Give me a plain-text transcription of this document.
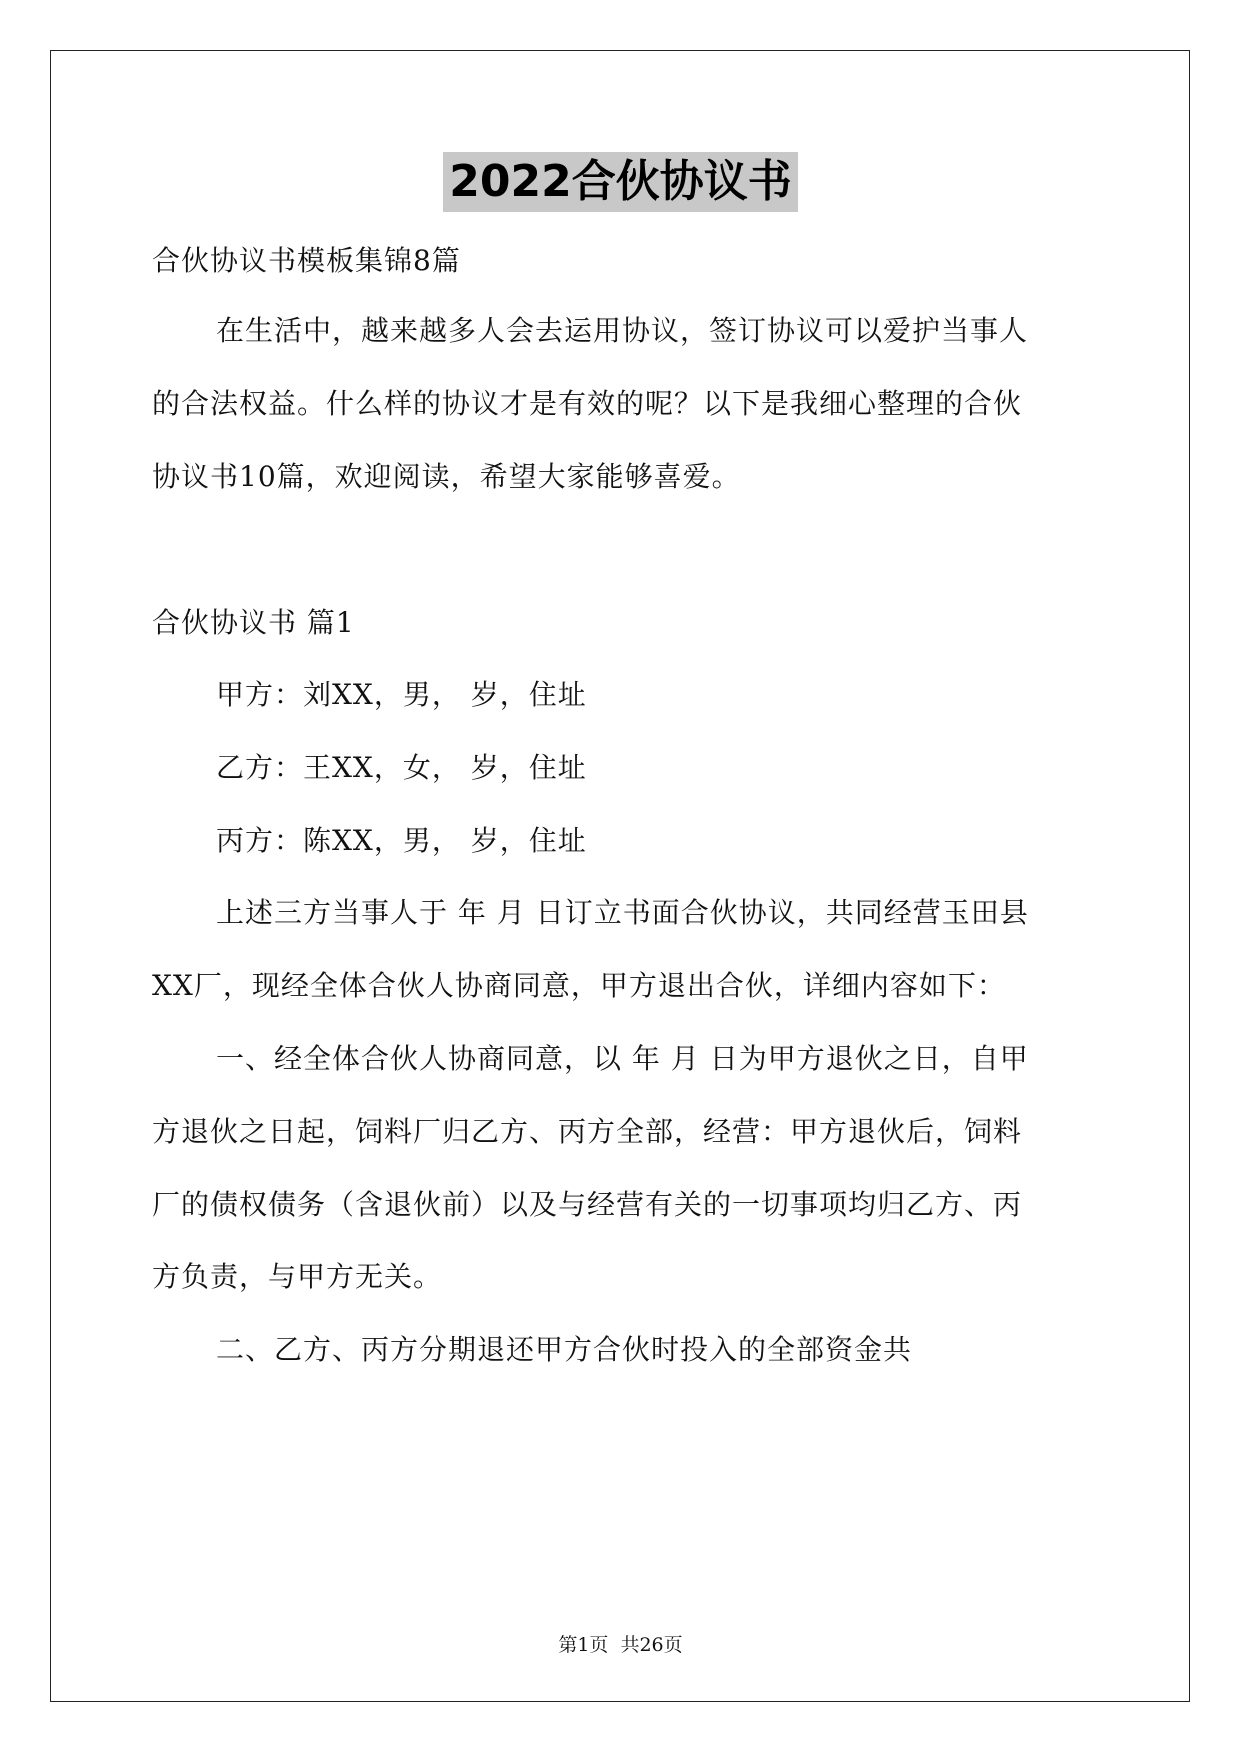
2022合伙协议书
合伙协议书模板集锦8篇
在生活中，越来越多人会去运用协议，签订协议可以爱护当事人
的合法权益。什么样的协议才是有效的呢？以下是我细心整理的合伙
协议书10篇，欢迎阅读，希望大家能够喜爱。
合伙协议书 篇1
甲方：刘XX，男， 岁，住址
乙方：王XX，女， 岁，住址
丙方：陈XX，男， 岁，住址
上述三方当事人于 年 月 日订立书面合伙协议，共同经营玉田县
XX厂，现经全体合伙人协商同意，甲方退出合伙，详细内容如下：
一、经全体合伙人协商同意，以 年 月 日为甲方退伙之日，自甲
方退伙之日起，饲料厂归乙方、丙方全部，经营：甲方退伙后，饲料
厂的债权债务（含退伙前）以及与经营有关的一切事项均归乙方、丙
方负责，与甲方无关。
二、乙方、丙方分期退还甲方合伙时投入的全部资金共
第1页 共26页
